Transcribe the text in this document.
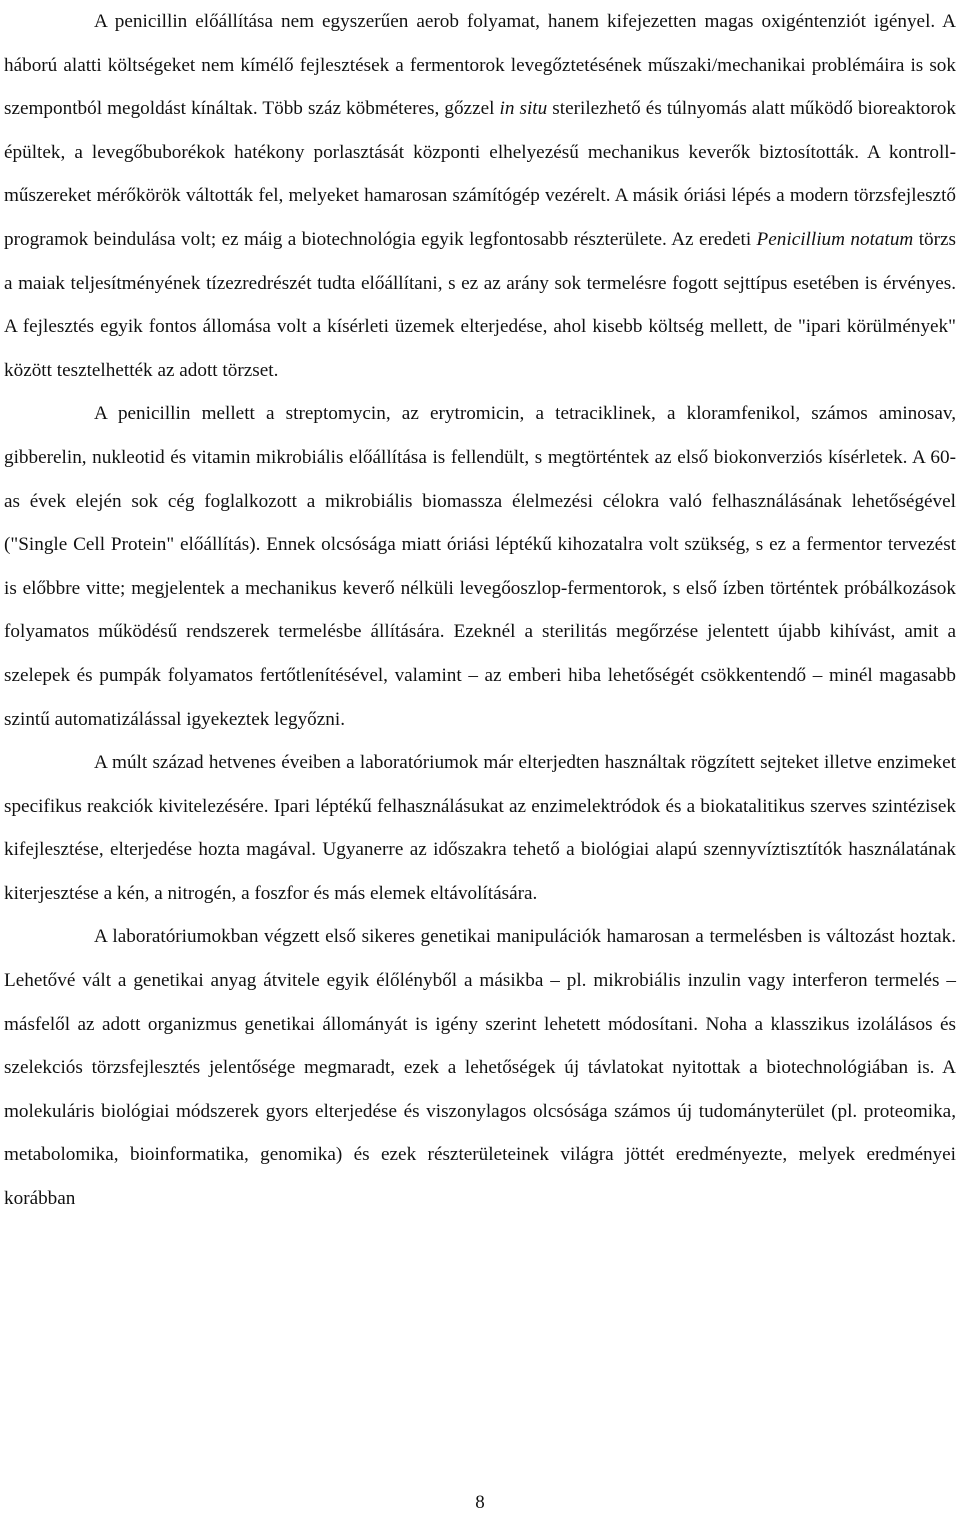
A penicillin előállítása nem egyszerűen aerob folyamat, hanem kifejezetten magas oxigéntenziót igényel. A háború alatti költségeket nem kímélő fejlesztések a fermentorok levegőztetésének műszaki/mechanikai problémáira is sok szempontból megoldást kínáltak. Több száz köbméteres, gőzzel in situ sterilezhető és túlnyomás alatt működő bioreaktorok épültek, a levegőbuborékok hatékony porlasztását központi elhelyezésű mechanikus keverők biztosították. A kontroll-műszereket mérőkörök váltották fel, melyeket hamarosan számítógép vezérelt. A másik óriási lépés a modern törzsfejlesztő programok beindulása volt; ez máig a biotechnológia egyik legfontosabb részterülete. Az eredeti Penicillium notatum törzs a maiak teljesítményének tízezredrészét tudta előállítani, s ez az arány sok termelésre fogott sejttípus esetében is érvényes. A fejlesztés egyik fontos állomása volt a kísérleti üzemek elterjedése, ahol kisebb költség mellett, de "ipari körülmények" között tesztelhették az adott törzset.

A penicillin mellett a streptomycin, az erytromicin, a tetraciklinek, a kloramfenikol, számos aminosav, gibberelin, nukleotid és vitamin mikrobiális előállítása is fellendült, s megtörténtek az első biokonverziós kísérletek. A 60-as évek elején sok cég foglalkozott a mikrobiális biomassza élelmezési célokra való felhasználásának lehetőségével ("Single Cell Protein" előállítás). Ennek olcsósága miatt óriási léptékű kihozatalra volt szükség, s ez a fermentor tervezést is előbbre vitte; megjelentek a mechanikus keverő nélküli levegőoszlop-fermentorok, s első ízben történtek próbálkozások folyamatos működésű rendszerek termelésbe állítására. Ezeknél a sterilitás megőrzése jelentett újabb kihívást, amit a szelepek és pumpák folyamatos fertőtlenítésével, valamint – az emberi hiba lehetőségét csökkentendő – minél magasabb szintű automatizálással igyekeztek legyőzni.

A múlt század hetvenes éveiben a laboratóriumok már elterjedten használtak rögzített sejteket illetve enzimeket specifikus reakciók kivitelezésére. Ipari léptékű felhasználásukat az enzimelektródok és a biokatalitikus szerves szintézisek kifejlesztése, elterjedése hozta magával. Ugyanerre az időszakra tehető a biológiai alapú szennyvíztisztítók használatának kiterjesztése a kén, a nitrogén, a foszfor és más elemek eltávolítására.

A laboratóriumokban végzett első sikeres genetikai manipulációk hamarosan a termelésben is változást hoztak. Lehetővé vált a genetikai anyag átvitele egyik élőlényből a másikba – pl. mikrobiális inzulin vagy interferon termelés – másfelől az adott organizmus genetikai állományát is igény szerint lehetett módosítani. Noha a klasszikus izolálásos és szelekciós törzsfejlesztés jelentősége megmaradt, ezek a lehetőségek új távlatokat nyitottak a biotechnológiában is. A molekuláris biológiai módszerek gyors elterjedése és viszonylagos olcsósága számos új tudományterület (pl. proteomika, metabolomika, bioinformatika, genomika) és ezek részterületeinek világra jöttét eredményezte, melyek eredményei korábban

8
